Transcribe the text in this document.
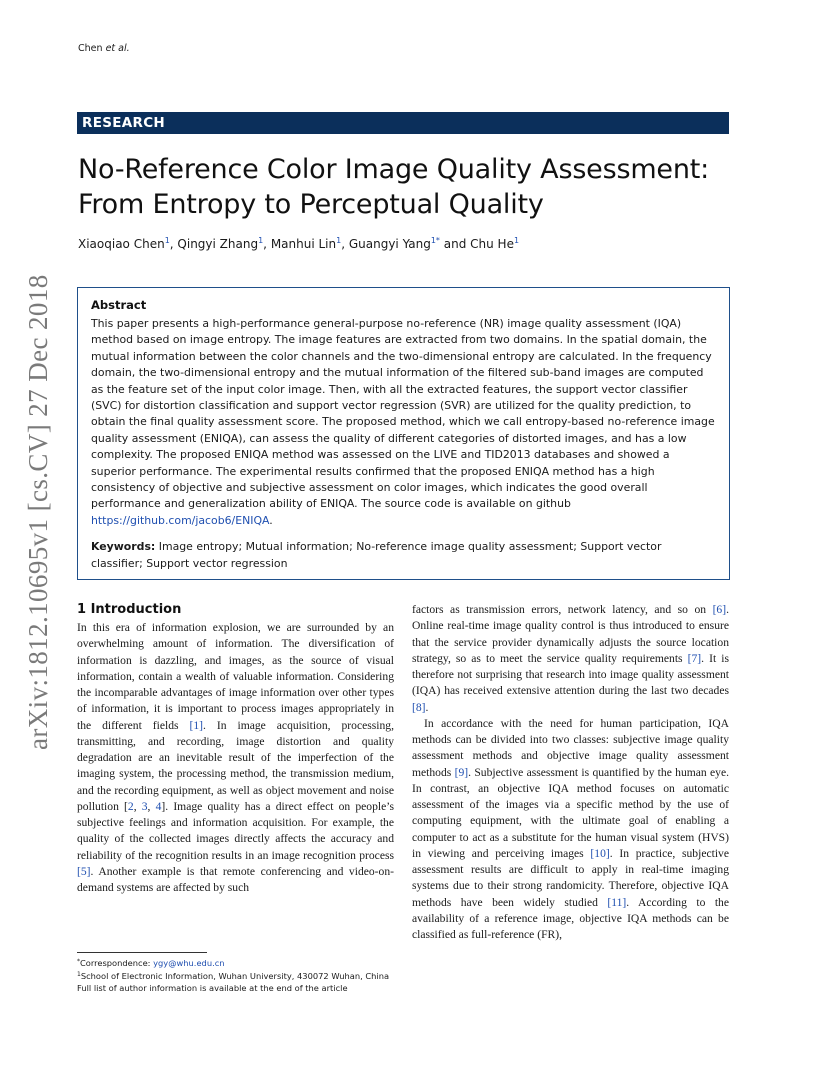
Chen et al.
RESEARCH
No-Reference Color Image Quality Assessment:
From Entropy to Perceptual Quality
Xiaoqiao Chen$^1$, Qingyi Zhang$^1$, Manhui Lin$^1$, Guangyi Yang$^{1*}$ and Chu He$^1$
arXiv:1812.10695v1 [cs.CV] 27 Dec 2018	Abstract

This paper presents a high-performance general-purpose no-reference (NR) image quality assessment (IQA) method based on image entropy. The image features are extracted from two domains. In the spatial domain, the mutual information between the color channels and the two-dimensional entropy are calculated. In the frequency domain, the two-dimensional entropy and the mutual information of the filtered sub-band images are computed as the feature set of the input color image. Then, with all the extracted features, the support vector classifier (SVC) for distortion classification and support vector regression (SVR) are utilized for the quality prediction, to obtain the final quality assessment score. The proposed method, which we call entropy-based no-reference image quality assessment (ENIQA), can assess the quality of different categories of distorted images, and has a low complexity. The proposed ENIQA method was assessed on the LIVE and TID2013 databases and showed a superior performance. The experimental results confirmed that the proposed ENIQA method has a high consistency of objective and subjective assessment on color images, which indicates the good overall performance and generalization ability of ENIQA. The source code is available on github https://github.com/jacob6/ENIQA.

Keywords: Image entropy; Mutual information; No-reference image quality assessment; Support vector classifier; Support vector regression
1 Introduction

In this era of information explosion, we are surrounded by an overwhelming amount of information. The diversification of information is dazzling, and images, as the source of visual information, contain a wealth of valuable information. Considering the incomparable advantages of image information over other types of information, it is important to process images appropriately in the different fields [1]. In image acquisition, processing, transmitting, and recording, image distortion and quality degradation are an inevitable result of the imperfection of the imaging system, the processing method, the transmission medium, and the recording equipment, as well as object movement and noise pollution [2, 3, 4]. Image quality has a direct effect on people’s subjective feelings and information acquisition. For example, the quality of the collected images directly affects the accuracy and reliability of the recognition results in an image recognition process [5]. Another example is that remote conferencing and video-on-demand systems are affected by such

factors as transmission errors, network latency, and so on [6]. Online real-time image quality control is thus introduced to ensure that the service provider dynamically adjusts the source location strategy, so as to meet the service quality requirements [7]. It is therefore not surprising that research into image quality assessment (IQA) has received extensive attention during the last two decades [8].

In accordance with the need for human participation, IQA methods can be divided into two classes: subjective image quality assessment methods and objective image quality assessment methods [9]. Subjective assessment is quantified by the human eye. In contrast, an objective IQA method focuses on automatic assessment of the images via a specific method by the use of computing equipment, with the ultimate goal of enabling a computer to act as a substitute for the human visual system (HVS) in viewing and perceiving images [10]. In practice, subjective assessment results are difficult to apply in real-time imaging systems due to their strong randomicity. Therefore, objective IQA methods have been widely studied [11]. According to the availability of a reference image, objective IQA methods can be classified as full-reference (FR),

*Correspondence: ygy@whu.edu.cn
$^1$School of Electronic Information, Wuhan University, 430072 Wuhan, China
Full list of author information is available at the end of the article
